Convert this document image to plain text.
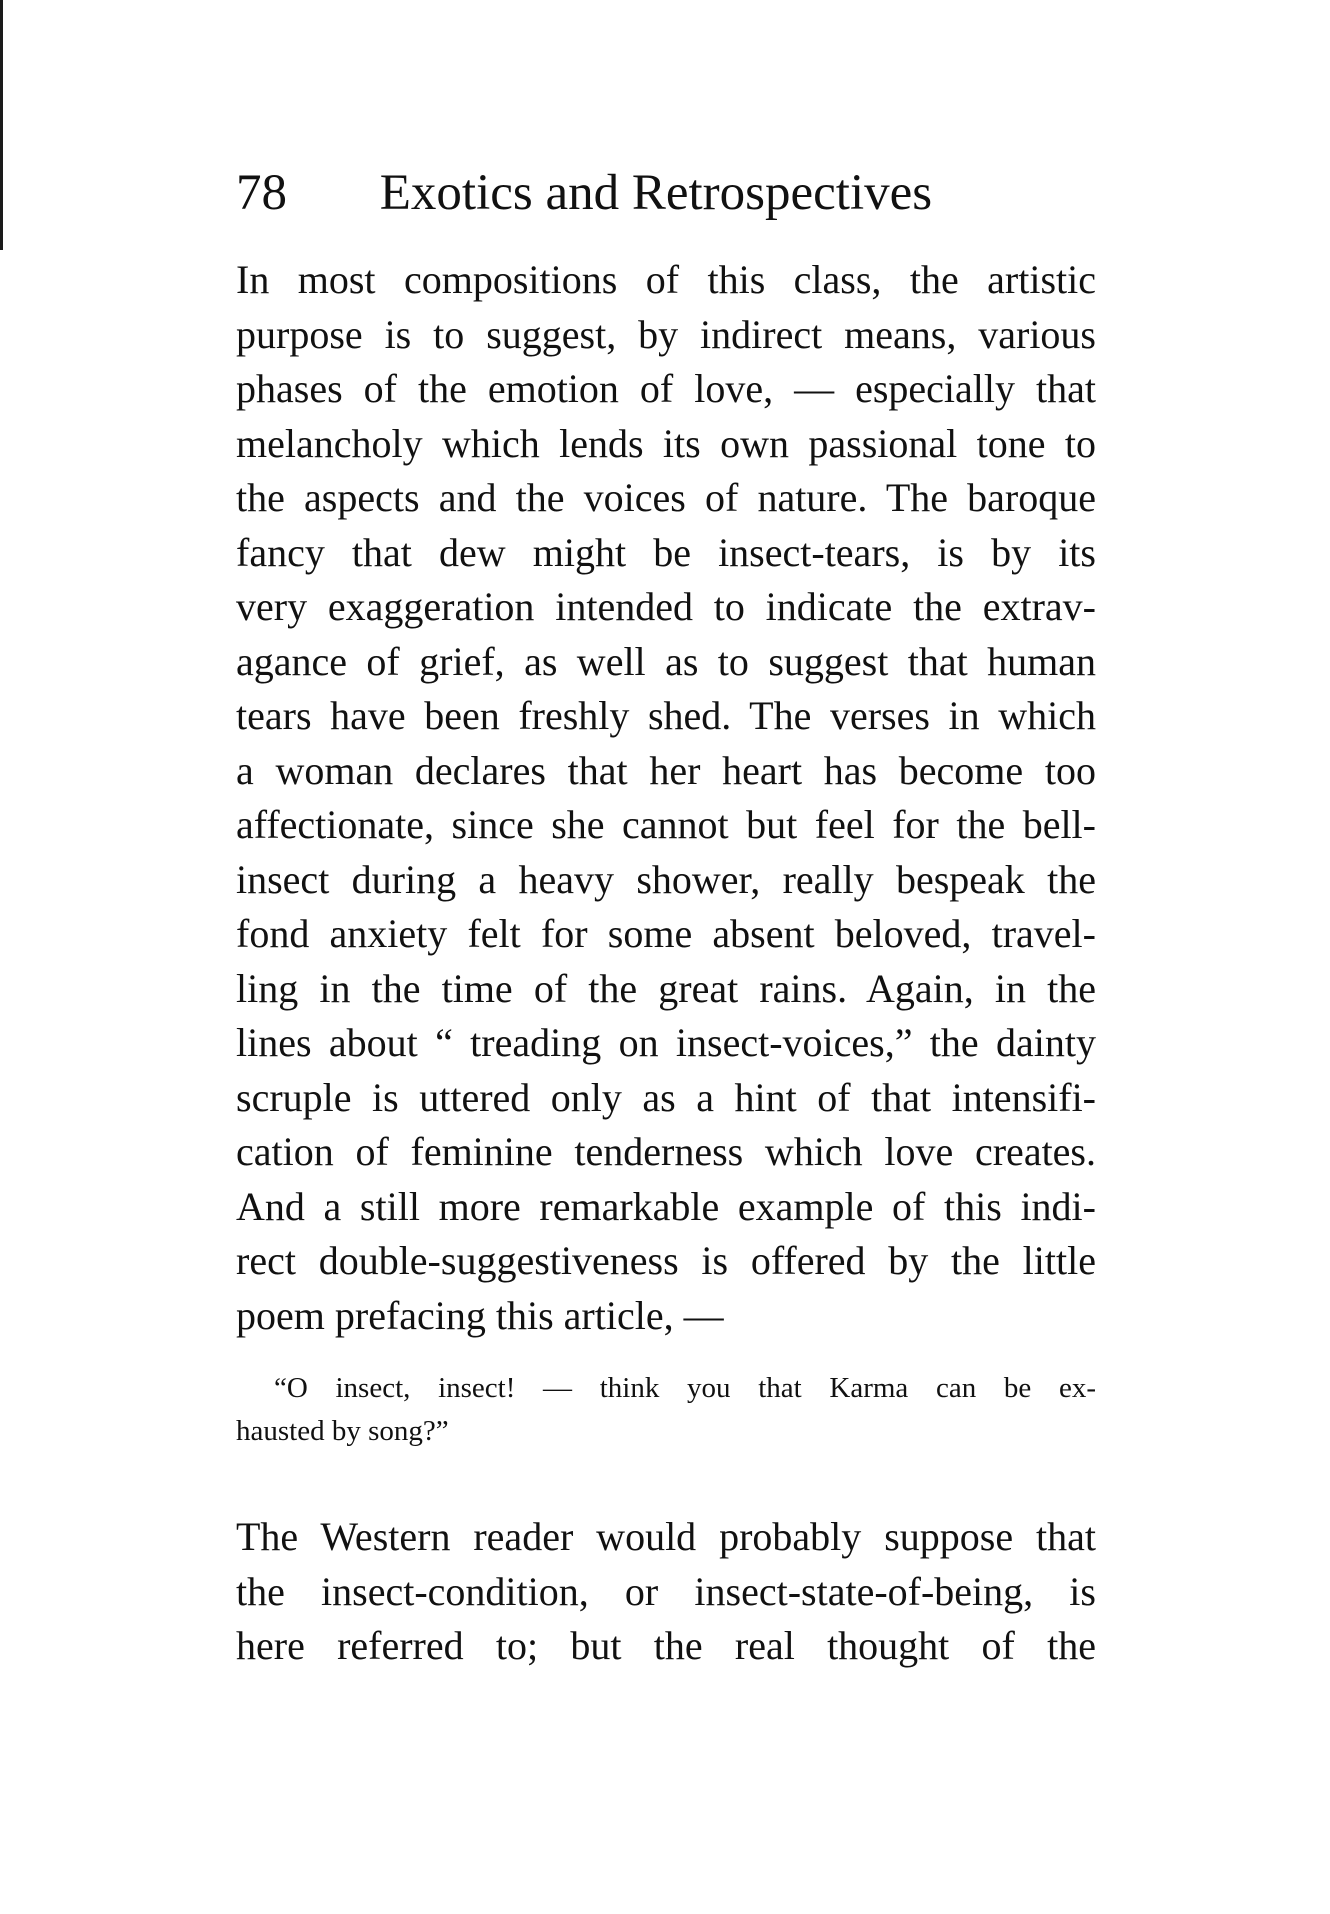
78 Exotics and Retrospectives
In most compositions of this class, the artistic
purpose is to suggest, by indirect means, various
phases of the emotion of love, — especially that
melancholy which lends its own passional tone to
the aspects and the voices of nature. The baroque
fancy that dew might be insect-tears, is by its
very exaggeration intended to indicate the extrav-
agance of grief, as well as to suggest that human
tears have been freshly shed. The verses in which
a woman declares that her heart has become too
affectionate, since she cannot but feel for the bell-
insect during a heavy shower, really bespeak the
fond anxiety felt for some absent beloved, travel-
ling in the time of the great rains. Again, in the
lines about “ treading on insect-voices,” the dainty
scruple is uttered only as a hint of that intensifi-
cation of feminine tenderness which love creates.
And a still more remarkable example of this indi-
rect double-suggestiveness is offered by the little
poem prefacing this article, —
“O insect, insect! — think you that Karma can be ex-
hausted by song?”
The Western reader would probably suppose that
the insect-condition, or insect-state-of-being, is
here referred to; but the real thought of the
